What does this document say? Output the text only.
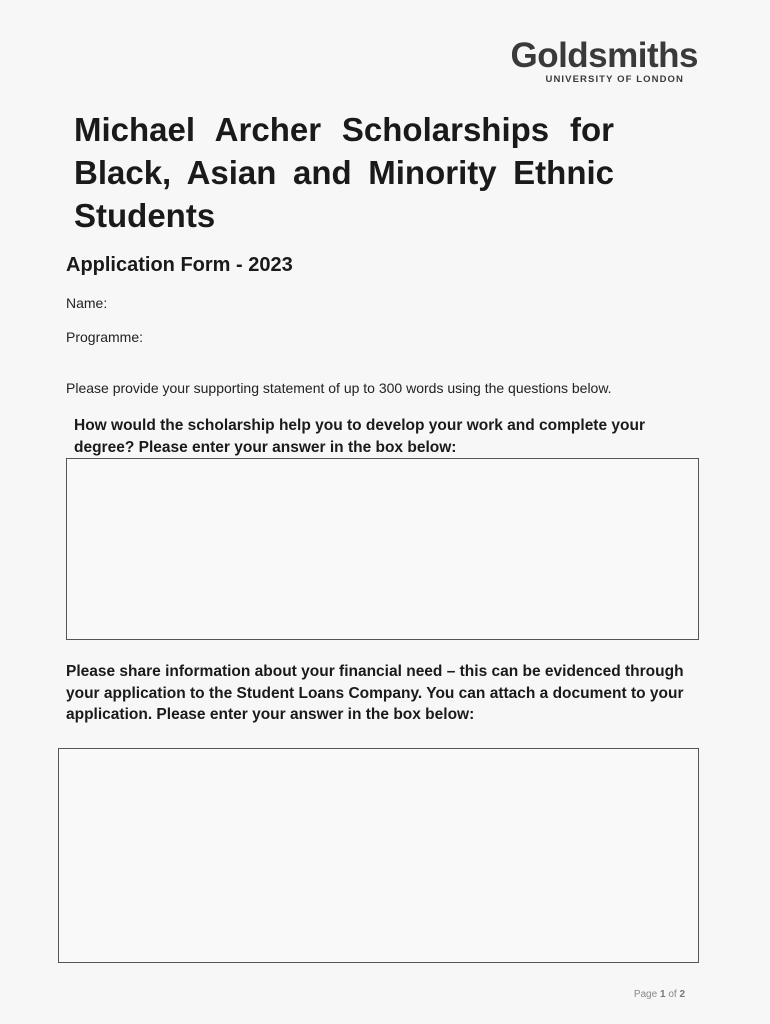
Goldsmiths
UNIVERSITY OF LONDON
Michael Archer Scholarships for Black, Asian and Minority Ethnic Students
Application Form - 2023

Name:

Programme:

Please provide your supporting statement of up to 300 words using the questions below.

How would the scholarship help you to develop your work and complete your degree? Please enter your answer in the box below:

Please share information about your financial need – this can be evidenced through your application to the Student Loans Company. You can attach a document to your application. Please enter your answer in the box below:

Page 1 of 2
